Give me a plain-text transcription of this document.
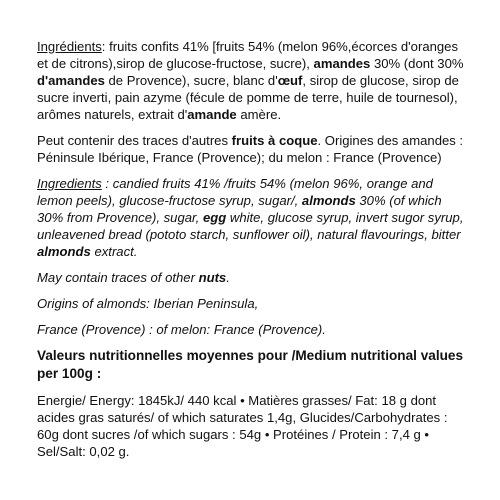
Ingrédients: fruits confits 41% [fruits 54% (melon 96%,écorces d'oranges et de citrons),sirop de glucose-fructose, sucre), amandes 30% (dont 30% d'amandes de Provence), sucre, blanc d'œuf, sirop de glucose, sirop de sucre inverti, pain azyme (fécule de pomme de terre, huile de tournesol), arômes naturels, extrait d'amande amère.

Peut contenir des traces d'autres fruits à coque. Origines des amandes : Péninsule Ibérique, France (Provence); du melon : France (Provence)

Ingredients : candied fruits 41% /fruits 54% (melon 96%, orange and lemon peels), glucose-fructose syrup, sugar/, almonds 30% (of which 30% from Provence), sugar, egg white, glucose syrup, invert sugor syrup, unleavened bread (pototo starch, sunflower oil), natural flavourings, bitter almonds extract.

May contain traces of other nuts.

Origins of almonds: Iberian Peninsula,

France (Provence) : of melon: France (Provence).

Valeurs nutritionnelles moyennes pour /Medium nutritional values per 100g :

Energie/ Energy: 1845kJ/ 440 kcal • Matières grasses/ Fat: 18 g dont acides gras saturés/ of which saturates 1,4g, Glucides/Carbohydrates : 60g dont sucres /of which sugars : 54g • Protéines / Protein : 7,4 g • Sel/Salt: 0,02 g.
